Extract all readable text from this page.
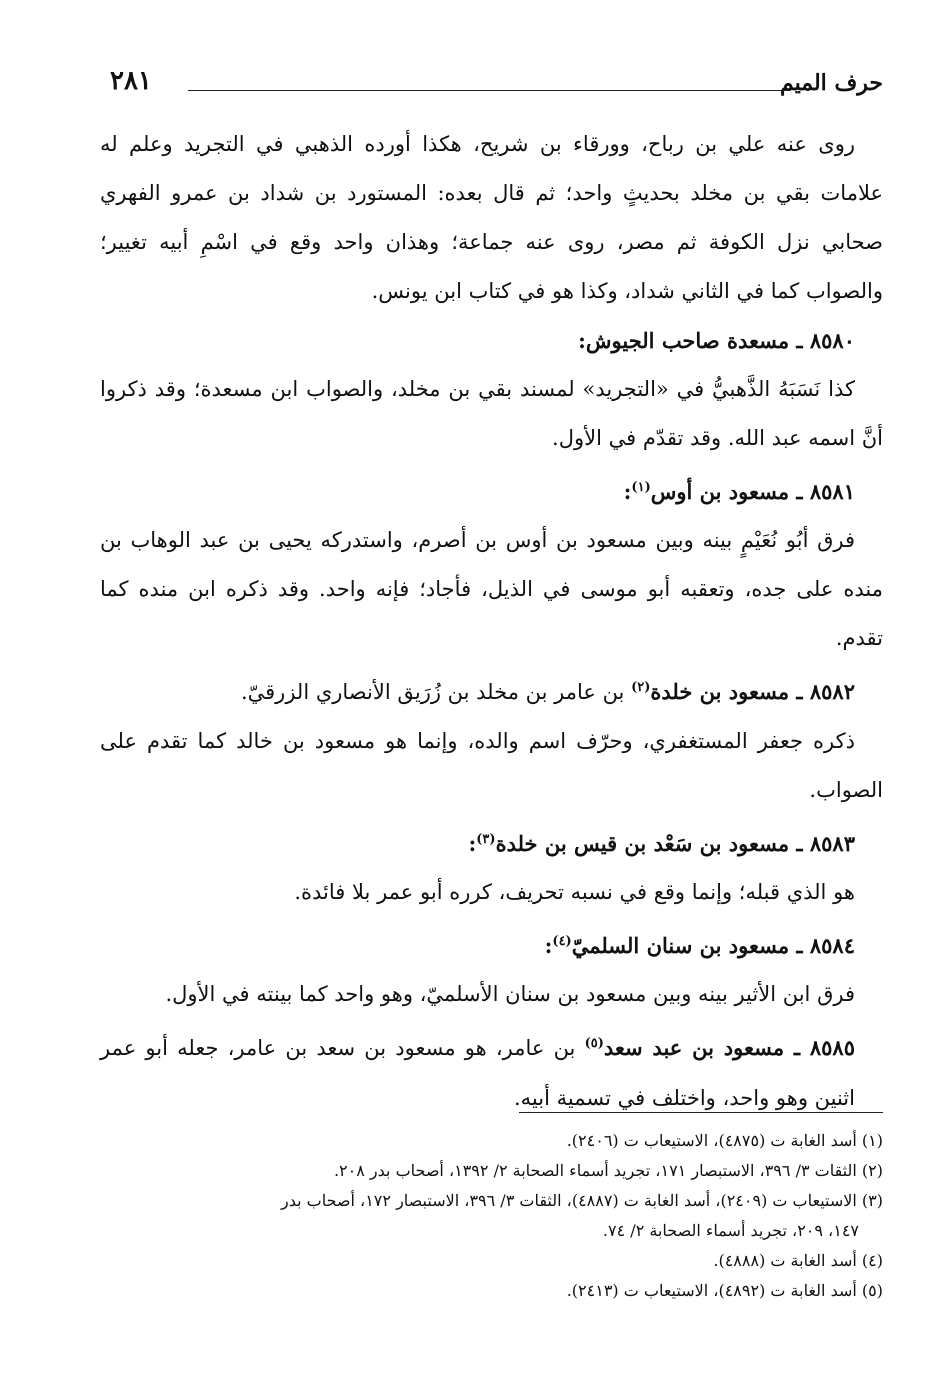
حرف الميم
٢٨١

روى عنه علي بن رباح، وورقاء بن شريح، هكذا أورده الذهبي في التجريد وعلم له علامات بقي بن مخلد بحديثٍ واحد؛ ثم قال بعده: المستورد بن شداد بن عمرو الفهري صحابي نزل الكوفة ثم مصر، روى عنه جماعة؛ وهذان واحد وقع في اسْمِ أبيه تغيير؛ والصواب كما في الثاني شداد، وكذا هو في كتاب ابن يونس.

٨٥٨٠ ـ مسعدة صاحب الجيوش:

كذا نَسَبَهُ الذَّهبيُّ في «التجريد» لمسند بقي بن مخلد، والصواب ابن مسعدة؛ وقد ذكروا أنَّ اسمه عبد الله. وقد تقدّم في الأول.

٨٥٨١ ـ مسعود بن أوس$^{(١)}$:

فرق أبُو نُعَيْمٍ بينه وبين مسعود بن أوس بن أصرم، واستدركه يحيى بن عبد الوهاب بن منده على جده، وتعقبه أبو موسى في الذيل، فأجاد؛ فإنه واحد. وقد ذكره ابن منده كما تقدم.

٨٥٨٢ ـ مسعود بن خلدة$^{(٢)}$ بن عامر بن مخلد بن زُرَيق الأنصاري الزرقيّ.

ذكره جعفر المستغفري، وحرّف اسم والده، وإنما هو مسعود بن خالد كما تقدم على الصواب.

٨٥٨٣ ـ مسعود بن سَعْد بن قيس بن خلدة$^{(٣)}$:

هو الذي قبله؛ وإنما وقع في نسبه تحريف، كرره أبو عمر بلا فائدة.

٨٥٨٤ ـ مسعود بن سنان السلميّ$^{(٤)}$:

فرق ابن الأثير بينه وبين مسعود بن سنان الأسلميّ، وهو واحد كما بينته في الأول.

٨٥٨٥ ـ مسعود بن عبد سعد$^{(٥)}$ بن عامر، هو مسعود بن سعد بن عامر، جعله أبو عمر اثنين وهو واحد، واختلف في تسمية أبيه.

(١) أسد الغابة ت (٤٨٧٥)، الاستيعاب ت (٢٤٠٦).

(٢) الثقات ٣/ ٣٩٦، الاستبصار ١٧١، تجريد أسماء الصحابة ٢/ ١٣٩٢، أصحاب بدر ٢٠٨.

(٣) الاستيعاب ت (٢٤٠٩)، أسد الغابة ت (٤٨٨٧)، الثقات ٣/ ٣٩٦، الاستبصار ١٧٢، أصحاب بدر

١٤٧، ٢٠٩، تجريد أسماء الصحابة ٢/ ٧٤.

(٤) أسد الغابة ت (٤٨٨٨).

(٥) أسد الغابة ت (٤٨٩٢)، الاستيعاب ت (٢٤١٣).
